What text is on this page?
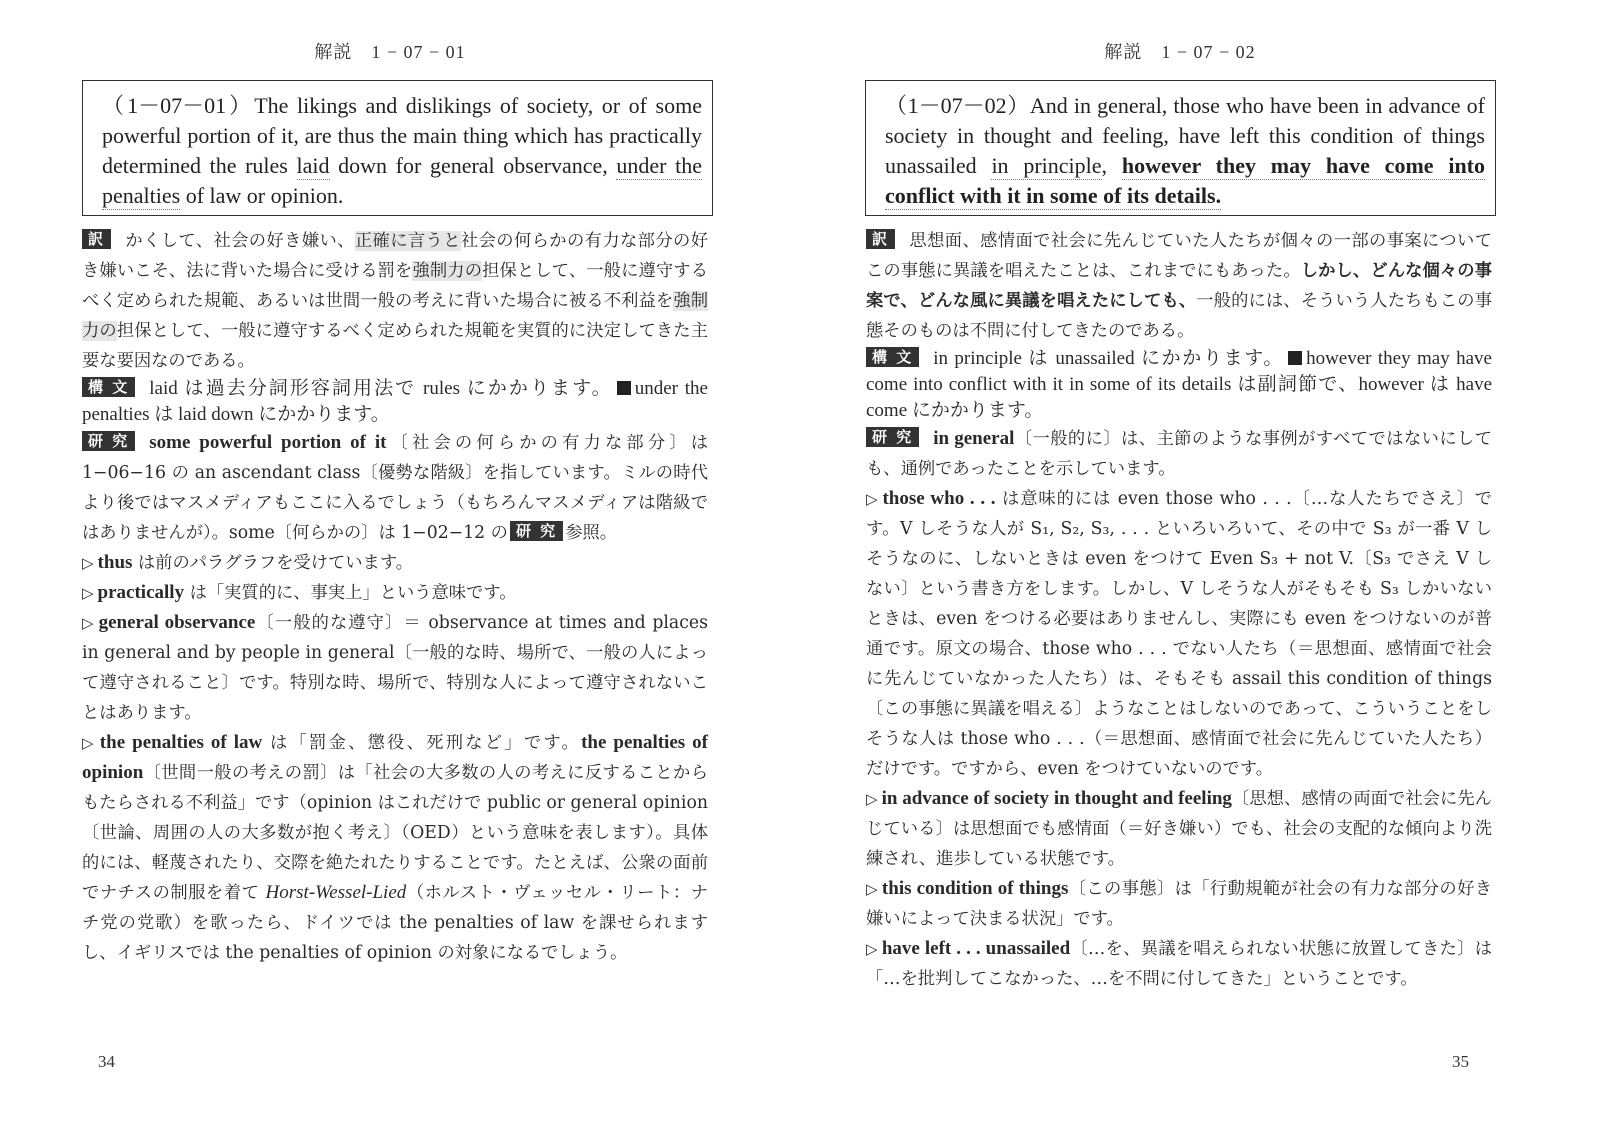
解説　1 − 07 − 01
（1－07－01）The likings and dislikings of society, or of some powerful portion of it, are thus the main thing which has practically determined the rules laid down for general observance, under the penalties of law or opinion.

訳 かくして、社会の好き嫌い、正確に言うと社会の何らかの有力な部分の好き嫌いこそ、法に背いた場合に受ける罰を強制力の担保として、一般に遵守するべく定められた規範、あるいは世間一般の考えに背いた場合に被る不利益を強制力の担保として、一般に遵守するべく定められた規範を実質的に決定してきた主要な要因なのである。

構 文 laid は過去分詞形容詞用法で rules にかかります。 under the penalties は laid down にかかります。

研 究 some powerful portion of it〔社会の何らかの有力な部分〕は 1−06−16 の an ascendant class〔優勢な階級〕を指しています。ミルの時代より後ではマスメディアもここに入るでしょう（もちろんマスメディアは階級ではありませんが）。some〔何らかの〕は 1−02−12 の 研 究 参照。

▷ thus は前のパラグラフを受けています。

▷ practically は「実質的に、事実上」という意味です。

▷ general observance〔一般的な遵守〕＝ observance at times and places in general and by people in general〔一般的な時、場所で、一般の人によって遵守されること〕です。特別な時、場所で、特別な人によって遵守されないことはあります。

▷ the penalties of law は「罰金、懲役、死刑など」です。the penalties of opinion〔世間一般の考えの罰〕は「社会の大多数の人の考えに反することからもたらされる不利益」です（opinion はこれだけで public or general opinion〔世論、周囲の人の大多数が抱く考え〕（OED）という意味を表します）。具体的には、軽蔑されたり、交際を絶たれたりすることです。たとえば、公衆の面前でナチスの制服を着て Horst-Wessel-Lied（ホルスト・ヴェッセル・リート：ナチ党の党歌）を歌ったら、ドイツでは the penalties of law を課せられますし、イギリスでは the penalties of opinion の対象になるでしょう。

34
解説　1 − 07 − 02
（1－07－02）And in general, those who have been in advance of society in thought and feeling, have left this condition of things unassailed in principle, however they may have come into conflict with it in some of its details.

訳 思想面、感情面で社会に先んじていた人たちが個々の一部の事案についてこの事態に異議を唱えたことは、これまでにもあった。しかし、どんな個々の事案で、どんな風に異議を唱えたにしても、一般的には、そういう人たちもこの事態そのものは不問に付してきたのである。

構 文 in principle は unassailed にかかります。 however they may have come into conflict with it in some of its details は副詞節で、however は have come にかかります。

研 究 in general〔一般的に〕は、主節のような事例がすべてではないにしても、通例であったことを示しています。

▷ those who . . . は意味的には even those who . . .〔…な人たちでさえ〕です。V しそうな人が S₁, S₂, S₃, . . . といろいろいて、その中で S₃ が一番 V しそうなのに、しないときは even をつけて Even S₃ + not V.〔S₃ でさえ V しない〕という書き方をします。しかし、V しそうな人がそもそも S₃ しかいないときは、even をつける必要はありませんし、実際にも even をつけないのが普通です。原文の場合、those who . . . でない人たち（＝思想面、感情面で社会に先んじていなかった人たち）は、そもそも assail this condition of things〔この事態に異議を唱える〕ようなことはしないのであって、こういうことをしそうな人は those who . . .（＝思想面、感情面で社会に先んじていた人たち）だけです。ですから、even をつけていないのです。

▷ in advance of society in thought and feeling〔思想、感情の両面で社会に先んじている〕は思想面でも感情面（＝好き嫌い）でも、社会の支配的な傾向より洗練され、進歩している状態です。

▷ this condition of things〔この事態〕は「行動規範が社会の有力な部分の好き嫌いによって決まる状況」です。

▷ have left . . . unassailed〔…を、異議を唱えられない状態に放置してきた〕は「…を批判してこなかった、…を不問に付してきた」ということです。

35
